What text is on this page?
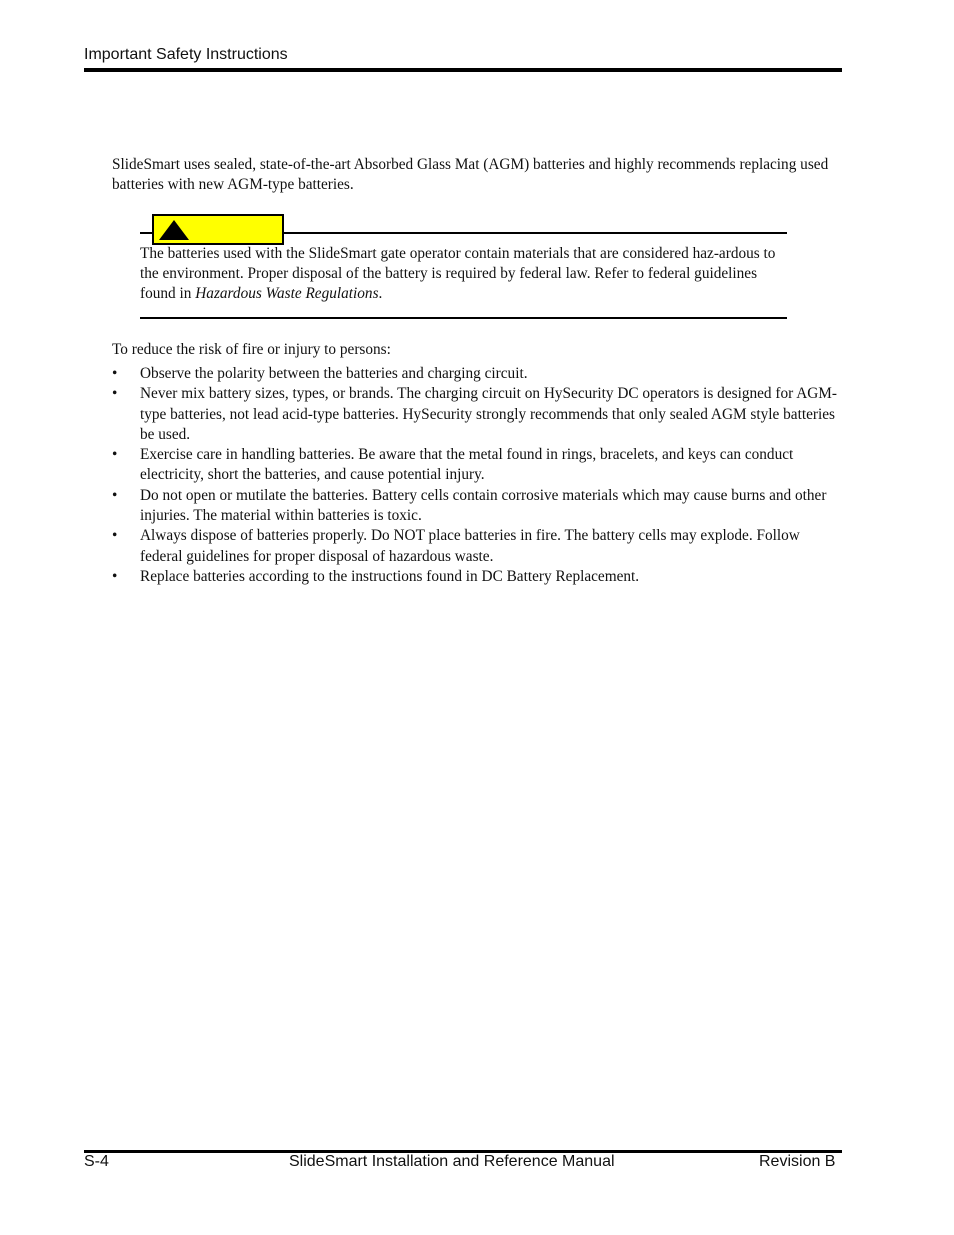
Important Safety Instructions

SlideSmart uses sealed, state-of-the-art Absorbed Glass Mat (AGM) batteries and highly recommends replacing used batteries with new AGM-type batteries.

The batteries used with the SlideSmart gate operator contain materials that are considered haz-ardous to the environment. Proper disposal of the battery is required by federal law. Refer to federal guidelines found in Hazardous Waste Regulations.

To reduce the risk of fire or injury to persons:
• Observe the polarity between the batteries and charging circuit.
• Never mix battery sizes, types, or brands. The charging circuit on HySecurity DC operators is designed for AGM-type batteries, not lead acid-type batteries. HySecurity strongly recommends that only sealed AGM style batteries be used.
• Exercise care in handling batteries. Be aware that the metal found in rings, bracelets, and keys can conduct electricity, short the batteries, and cause potential injury.
• Do not open or mutilate the batteries. Battery cells contain corrosive materials which may cause burns and other injuries. The material within batteries is toxic.
• Always dispose of batteries properly. Do NOT place batteries in fire. The battery cells may explode. Follow federal guidelines for proper disposal of hazardous waste.
• Replace batteries according to the instructions found in DC Battery Replacement.
S-4	SlideSmart Installation and Reference Manual	Revision B
